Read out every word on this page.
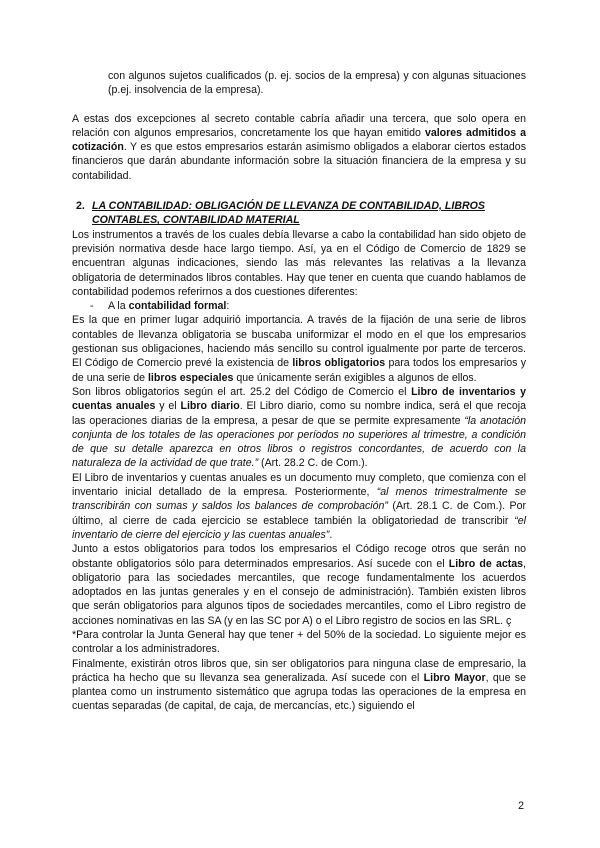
con algunos sujetos cualificados (p. ej. socios de la empresa) y con algunas situaciones (p.ej. insolvencia de la empresa).

A estas dos excepciones al secreto contable cabría añadir una tercera, que solo opera en relación con algunos empresarios, concretamente los que hayan emitido valores admitidos a cotización. Y es que estos empresarios estarán asimismo obligados a elaborar ciertos estados financieros que darán abundante información sobre la situación financiera de la empresa y su contabilidad.

2. LA CONTABILIDAD: OBLIGACIÓN DE LLEVANZA DE CONTABILIDAD, LIBROS CONTABLES, CONTABILIDAD MATERIAL

Los instrumentos a través de los cuales debía llevarse a cabo la contabilidad han sido objeto de previsión normativa desde hace largo tiempo. Así, ya en el Código de Comercio de 1829 se encuentran algunas indicaciones, siendo las más relevantes las relativas a la llevanza obligatoria de determinados libros contables. Hay que tener en cuenta que cuando hablamos de contabilidad podemos referirnos a dos cuestiones diferentes:

- A la contabilidad formal:

Es la que en primer lugar adquirió importancia. A través de la fijación de una serie de libros contables de llevanza obligatoria se buscaba uniformizar el modo en el que los empresarios gestionan sus obligaciones, haciendo más sencillo su control igualmente por parte de terceros. El Código de Comercio prevé la existencia de libros obligatorios para todos los empresarios y de una serie de libros especiales que únicamente serán exigibles a algunos de ellos.

Son libros obligatorios según el art. 25.2 del Código de Comercio el Libro de inventarios y cuentas anuales y el Libro diario. El Libro diario, como su nombre indica, será el que recoja las operaciones diarias de la empresa, a pesar de que se permite expresamente “la anotación conjunta de los totales de las operaciones por períodos no superiores al trimestre, a condición de que su detalle aparezca en otros libros o registros concordantes, de acuerdo con la naturaleza de la actividad de que trate.” (Art. 28.2 C. de Com.).

El Libro de inventarios y cuentas anuales es un documento muy completo, que comienza con el inventario inicial detallado de la empresa. Posteriormente, “al menos trimestralmente se transcribirán con sumas y saldos los balances de comprobación” (Art. 28.1 C. de Com.). Por último, al cierre de cada ejercicio se establece también la obligatoriedad de transcribir “el inventario de cierre del ejercicio y las cuentas anuales”.

Junto a estos obligatorios para todos los empresarios el Código recoge otros que serán no obstante obligatorios sólo para determinados empresarios. Así sucede con el Libro de actas, obligatorio para las sociedades mercantiles, que recoge fundamentalmente los acuerdos adoptados en las juntas generales y en el consejo de administración). También existen libros que serán obligatorios para algunos tipos de sociedades mercantiles, como el Libro registro de acciones nominativas en las SA (y en las SC por A) o el Libro registro de socios en las SRL. ç

*Para controlar la Junta General hay que tener + del 50% de la sociedad. Lo siguiente mejor es controlar a los administradores.

Finalmente, existirán otros libros que, sin ser obligatorios para ninguna clase de empresario, la práctica ha hecho que su llevanza sea generalizada. Así sucede con el Libro Mayor, que se plantea como un instrumento sistemático que agrupa todas las operaciones de la empresa en cuentas separadas (de capital, de caja, de mercancías, etc.) siguiendo el

2
